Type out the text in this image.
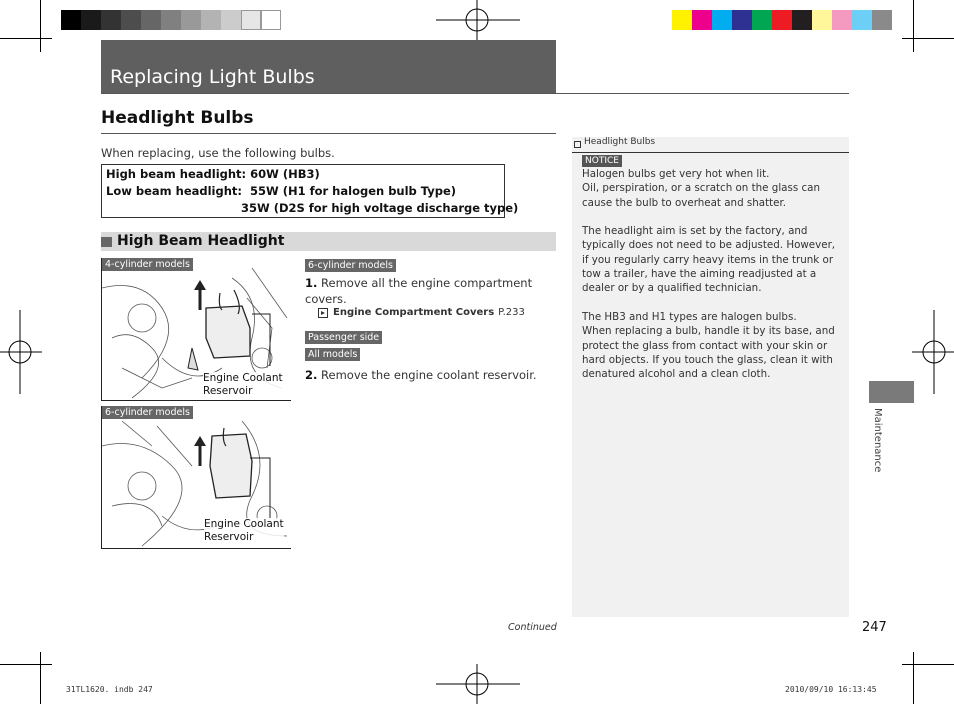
Replacing Light Bulbs
Headlight Bulbs
When replacing, use the following bulbs.
High beam headlight: 60W (HB3)
Low beam headlight:  55W (H1 for halogen bulb Type)
35W (D2S for high voltage discharge type)
High Beam Headlight
4-cylinder models
Engine Coolant
Reservoir
6-cylinder models
Engine Coolant
Reservoir
6-cylinder models
1. Remove all the engine compartment covers.
Engine Compartment Covers P.233
Passenger side
All models
2. Remove the engine coolant reservoir.
Headlight Bulbs
NOTICE
Halogen bulbs get very hot when lit.
Oil, perspiration, or a scratch on the glass can cause the bulb to overheat and shatter.
The headlight aim is set by the factory, and typically does not need to be adjusted. However, if you regularly carry heavy items in the trunk or tow a trailer, have the aiming readjusted at a dealer or by a qualified technician.
The HB3 and H1 types are halogen bulbs.
When replacing a bulb, handle it by its base, and protect the glass from contact with your skin or hard objects. If you touch the glass, clean it with denatured alcohol and a clean cloth.
Maintenance
Continued	247
31TL1620. indb 247	2010/09/10 16:13:45
